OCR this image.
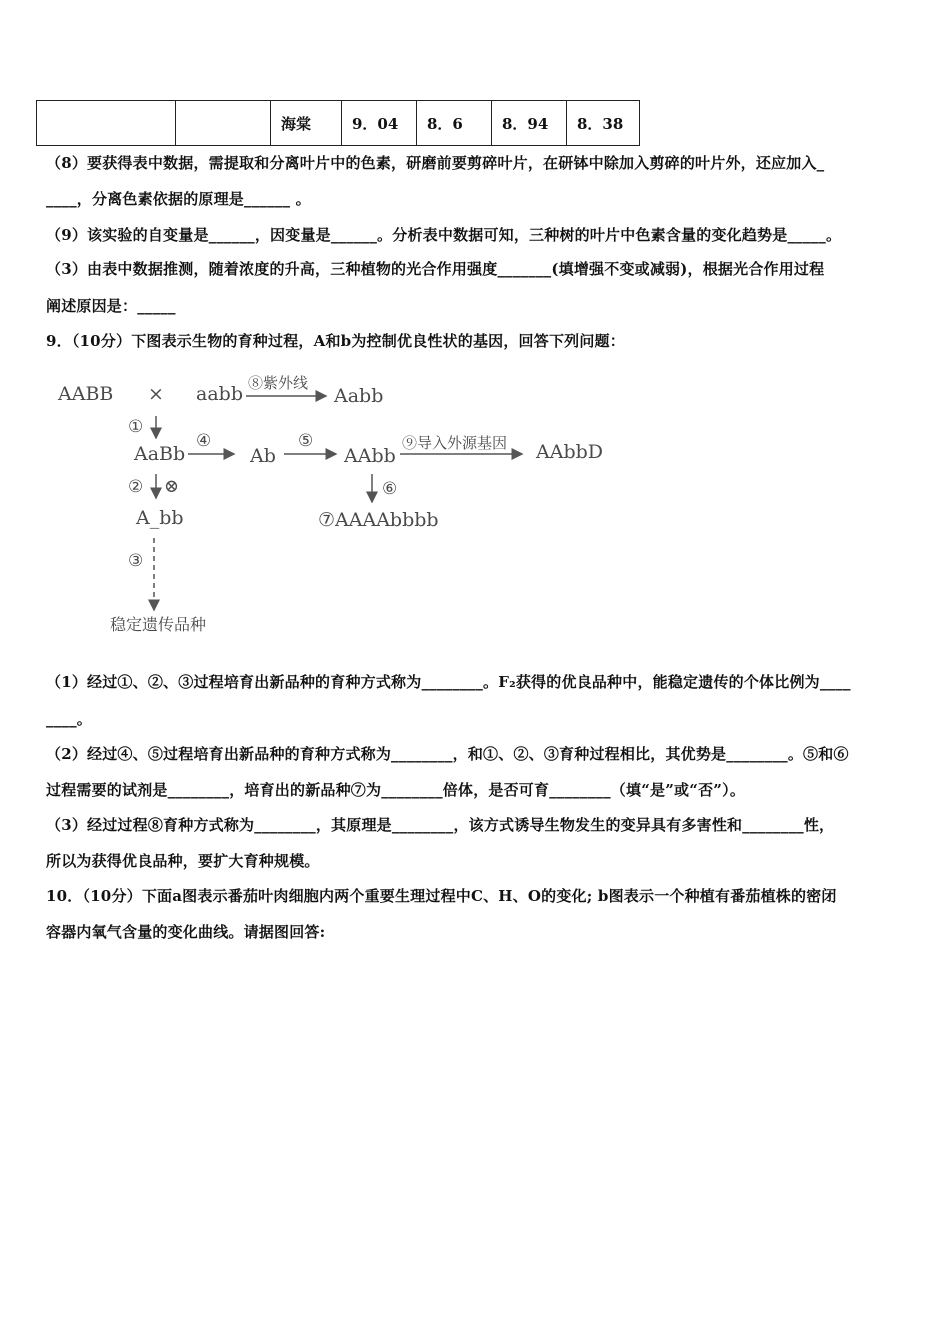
		海棠	9．04	8．6	8．94	8．38
（8）要获得表中数据，需提取和分离叶片中的色素，研磨前要剪碎叶片，在研钵中除加入剪碎的叶片外，还应加入_
____，分离色素依据的原理是______ 。
（9）该实验的自变量是______，因变量是______。分析表中数据可知，三种树的叶片中色素含量的变化趋势是_____。
（3）由表中数据推测，随着浓度的升高，三种植物的光合作用强度_______(填增强不变或减弱)，根据光合作用过程
阐述原因是：_____
9．（10分）下图表示生物的育种过程，A和b为控制优良性状的基因，回答下列问题：
AABB × aabb ⑧紫外线
Aabb
①
AaBb
④
Ab
⑤
AAbb
⑨导入外源基因 AAbbD
② ⊗	⑥
A_bb	⑦AAAAbbbb
③
稳定遗传品种
（1）经过①、②、③过程培育出新品种的育种方式称为________。F₂获得的优良品种中，能稳定遗传的个体比例为____
____。
（2）经过④、⑤过程培育出新品种的育种方式称为________，和①、②、③育种过程相比，其优势是________。⑤和⑥
过程需要的试剂是________，培育出的新品种⑦为________倍体，是否可育________（填“是”或“否”）。
（3）经过过程⑧育种方式称为________，其原理是________，该方式诱导生物发生的变异具有多害性和________性，
所以为获得优良品种，要扩大育种规模。
10．（10分）下面a图表示番茄叶肉细胞内两个重要生理过程中C、H、O的变化; b图表示一个种植有番茄植株的密闭
容器内氧气含量的变化曲线。请据图回答:
